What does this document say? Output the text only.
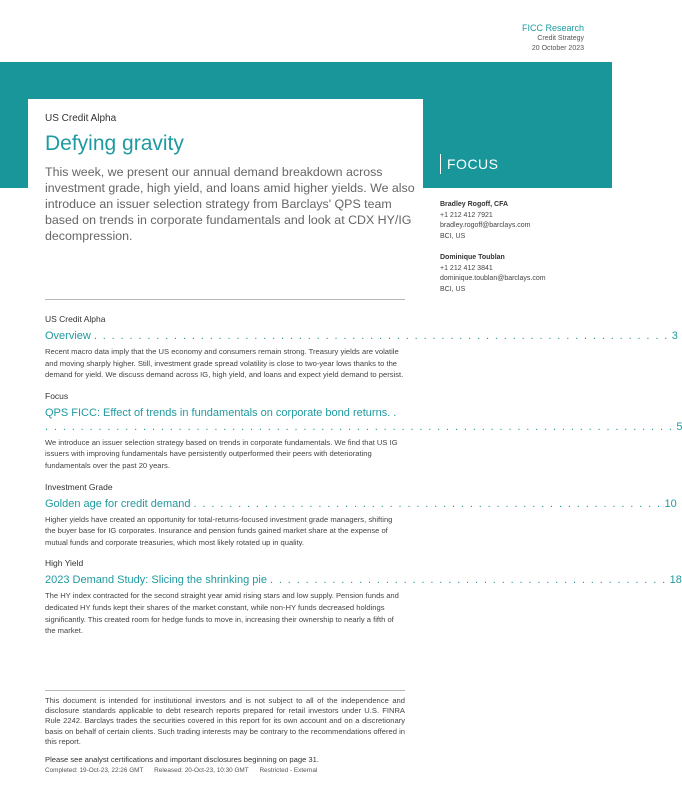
FICC Research
Credit Strategy
20 October 2023
US Credit Alpha
Defying gravity
This week, we present our annual demand breakdown across investment grade, high yield, and loans amid higher yields. We also introduce an issuer selection strategy from Barclays' QPS team based on trends in corporate fundamentals and look at CDX HY/IG decompression.
FOCUS
Bradley Rogoff, CFA
+1 212 412 7921
bradley.rogoff@barclays.com
BCI, US
Dominique Toublan
+1 212 412 3841
dominique.toublan@barclays.com
BCI, US
US Credit Alpha
Overview . . . . . . . . . . . . . . . . . . . . . . . . . . . . . . . . . . . . . . . . . . . . . . . . . . . . . . . . . . . . . . . . . 3
Recent macro data imply that the US economy and consumers remain strong. Treasury yields are volatile and moving sharply higher. Still, investment grade spread volatility is close to two-year lows thanks to the demand for yield. We discuss demand across IG, high yield, and loans and expect yield demand to persist.
Focus
QPS FICC: Effect of trends in fundamentals on corporate bond returns. .
. . . . . . . . . . . . . . . . . . . . . . . . . . . . . . . . . . . . . . . . . . . . . . . . . . . . . . . . . . . . . . . . . . . . . . . 5
We introduce an issuer selection strategy based on trends in corporate fundamentals. We find that US IG issuers with improving fundamentals have persistently outperformed their peers with deteriorating fundamentals over the past 20 years.
Investment Grade
Golden age for credit demand . . . . . . . . . . . . . . . . . . . . . . . . . . . . . . . . . . . . . . . . . . . . . . . . . . . . . 10
Higher yields have created an opportunity for total-returns-focused investment grade managers, shifting the buyer base for IG corporates. Insurance and pension funds gained market share at the expense of mutual funds and corporate treasuries, which most likely rotated up in quality.
High Yield
2023 Demand Study: Slicing the shrinking pie . . . . . . . . . . . . . . . . . . . . . . . . . . . . . . . . . . . . . . . . . . . . . 18
The HY index contracted for the second straight year amid rising stars and low supply. Pension funds and dedicated HY funds kept their shares of the market constant, while non-HY funds decreased holdings significantly. This created room for hedge funds to move in, increasing their ownership to nearly a fifth of the market.
This document is intended for institutional investors and is not subject to all of the independence and disclosure standards applicable to debt research reports prepared for retail investors under U.S. FINRA Rule 2242. Barclays trades the securities covered in this report for its own account and on a discretionary basis on behalf of certain clients. Such trading interests may be contrary to the recommendations offered in this report.
Please see analyst certifications and important disclosures beginning on page 31.
Completed: 19-Oct-23, 22:26 GMT Released: 20-Oct-23, 10:30 GMT Restricted - External
